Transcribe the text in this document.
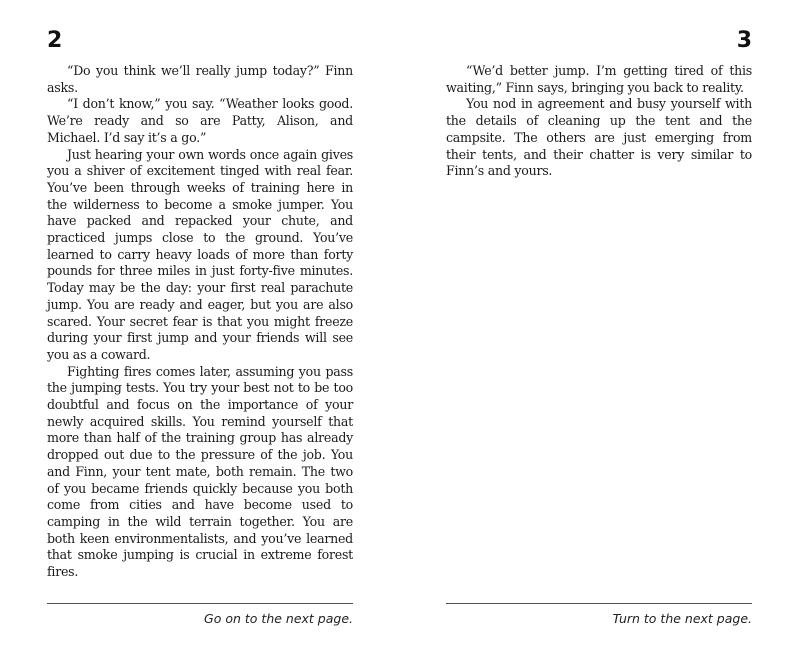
2

“Do you think we’ll really jump today?” Finn asks.

“I don’t know,” you say. “Weather looks good. We’re ready and so are Patty, Alison, and Michael. I’d say it’s a go.”

Just hearing your own words once again gives you a shiver of excitement tinged with real fear. You’ve been through weeks of training here in the wilderness to become a smoke jumper. You have packed and repacked your chute, and practiced jumps close to the ground. You’ve learned to carry heavy loads of more than forty pounds for three miles in just forty-five minutes. Today may be the day: your first real parachute jump. You are ready and eager, but you are also scared. Your secret fear is that you might freeze during your first jump and your friends will see you as a coward.

Fighting fires comes later, assuming you pass the jumping tests. You try your best not to be too doubtful and focus on the importance of your newly acquired skills. You remind yourself that more than half of the training group has already dropped out due to the pressure of the job. You and Finn, your tent mate, both remain. The two of you became friends quickly because you both come from cities and have become used to camping in the wild terrain together. You are both keen environmentalists, and you’ve learned that smoke jumping is crucial in extreme forest fires.

Go on to the next page.
3

“We’d better jump. I’m getting tired of this waiting,” Finn says, bringing you back to reality.

You nod in agreement and busy yourself with the details of cleaning up the tent and the campsite. The others are just emerging from their tents, and their chatter is very similar to Finn’s and yours.

Turn to the next page.
